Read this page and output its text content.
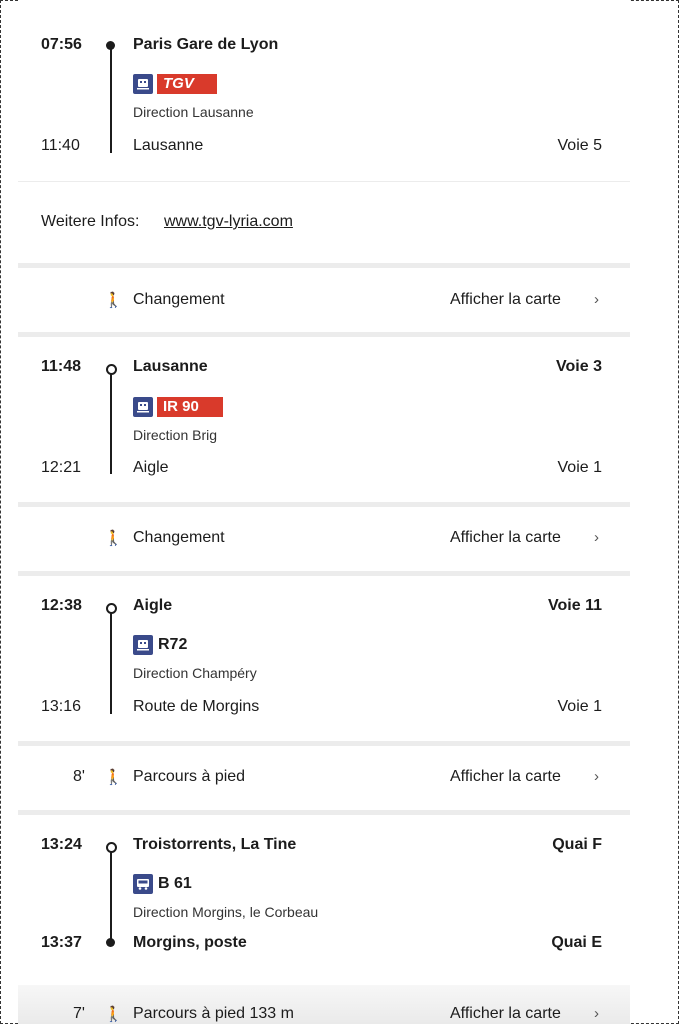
07:56	Paris Gare de Lyon
TGV
Direction Lausanne
11:40	Lausanne	Voie 5
Weitere Infos: www.tgv-lyria.com
🚶 Changement	Afficher la carte ›
11:48	Lausanne	Voie 3
IR 90
Direction Brig
12:21	Aigle	Voie 1
🚶 Changement	Afficher la carte ›
12:38	Aigle	Voie 11
R72
Direction Champéry
13:16	Route de Morgins	Voie 1
8' 🚶 Parcours à pied	Afficher la carte ›
13:24	Troistorrents, La Tine	Quai F
B 61
Direction Morgins, le Corbeau
13:37	Morgins, poste	Quai E
7' 🚶 Parcours à pied 133 m	Afficher la carte ›
